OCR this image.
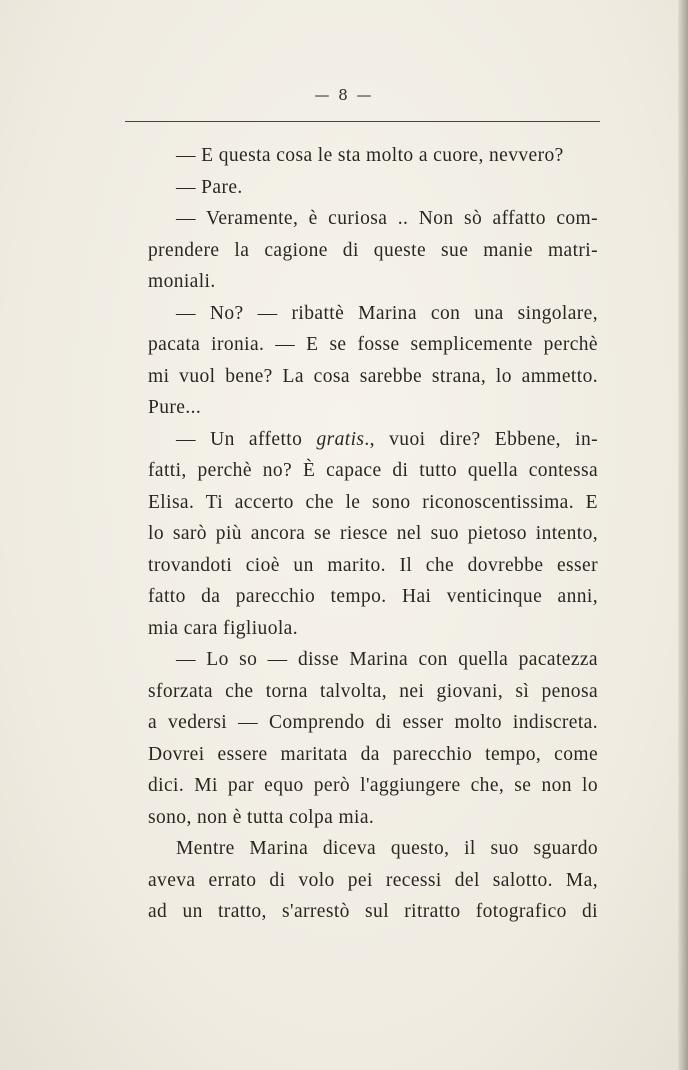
— 8 —
— E questa cosa le sta molto a cuore, nevvero?
— Pare.
— Veramente, è curiosa .. Non sò affatto com-
prendere la cagione di queste sue manie matri-
moniali.
— No? — ribattè Marina con una singolare,
pacata ironia. — E se fosse semplicemente perchè
mi vuol bene? La cosa sarebbe strana, lo ammetto.
Pure...
— Un affetto gratis., vuoi dire? Ebbene, in-
fatti, perchè no? È capace di tutto quella contessa
Elisa. Ti accerto che le sono riconoscentissima. E
lo sarò più ancora se riesce nel suo pietoso intento,
trovandoti cioè un marito. Il che dovrebbe esser
fatto da parecchio tempo. Hai venticinque anni,
mia cara figliuola.
— Lo so — disse Marina con quella pacatezza
sforzata che torna talvolta, nei giovani, sì penosa
a vedersi — Comprendo di esser molto indiscreta.
Dovrei essere maritata da parecchio tempo, come
dici. Mi par equo però l'aggiungere che, se non lo
sono, non è tutta colpa mia.
Mentre Marina diceva questo, il suo sguardo
aveva errato di volo pei recessi del salotto. Ma,
ad un tratto, s'arrestò sul ritratto fotografico di
